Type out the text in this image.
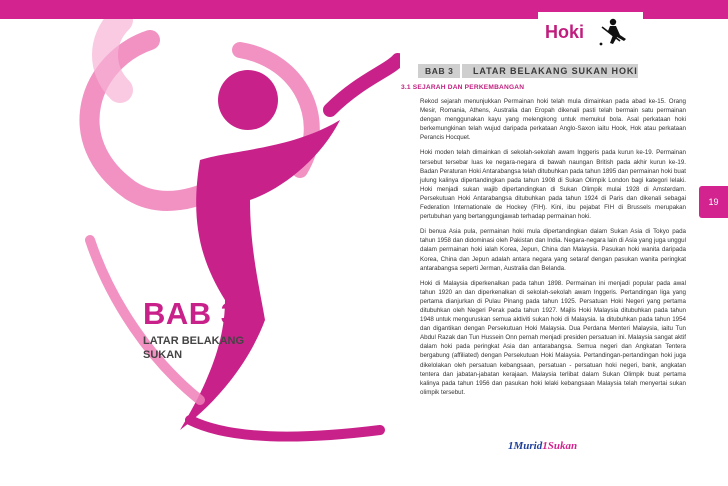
Hoki
BAB 3	LATAR BELAKANG SUKAN HOKI
3.1 SEJARAH DAN PERKEMBANGAN

Rekod sejarah menunjukkan Permainan hoki telah mula dimainkan pada abad ke-15. Orang Mesir, Romania, Athens, Australia dan Eropah dikenali pasti telah bermain satu permainan dengan menggunakan kayu yang melengkong untuk memukul bola. Asal perkataan hoki berkemungkinan telah wujud daripada perkataan Anglo-Saxon iaitu Hook, Hok atau perkataan Perancis Hocquet.

Hoki moden telah dimainkan di sekolah-sekolah awam Inggeris pada kurun ke-19. Permainan tersebut tersebar luas ke negara-negara di bawah naungan British pada akhir kurun ke-19. Badan Peraturan Hoki Antarabangsa telah ditubuhkan pada tahun 1895 dan permainan hoki buat julung kalinya dipertandingkan pada tahun 1908 di Sukan Olimpik London bagi kategori lelaki. Hoki menjadi sukan wajib dipertandingkan di Sukan Olimpik mulai 1928 di Amsterdam. Persekutuan Hoki Antarabangsa ditubuhkan pada tahun 1924 di Paris dan dikenali sebagai Federation Internationale de Hockey (FIH). Kini, ibu pejabat FIH di Brussels merupakan pertubuhan yang bertanggungjawab terhadap permainan hoki.

Di benua Asia pula, permainan hoki mula dipertandingkan dalam Sukan Asia di Tokyo pada tahun 1958 dan didominasi oleh Pakistan dan India. Negara-negara lain di Asia yang juga unggul dalam permainan hoki ialah Korea, Jepun, China dan Malaysia. Pasukan hoki wanita daripada Korea, China dan Jepun adalah antara negara yang setaraf dengan pasukan wanita peringkat antarabangsa seperti Jerman, Australia dan Belanda.

Hoki di Malaysia diperkenalkan pada tahun 1898. Permainan ini menjadi popular pada awal tahun 1920 an dan diperkenalkan di sekolah-sekolah awam Inggeris. Pertandingan liga yang pertama dianjurkan di Pulau Pinang pada tahun 1925. Persatuan Hoki Negeri yang pertama ditubuhkan oleh Negeri Perak pada tahun 1927. Majlis Hoki Malaysia ditubuhkan pada tahun 1948 untuk menguruskan semua aktiviti sukan hoki di Malaysia. Ia ditubuhkan pada tahun 1954 dan digantikan dengan Persekutuan Hoki Malaysia. Dua Perdana Menteri Malaysia, iaitu Tun Abdul Razak dan Tun Hussein Onn pernah menjadi presiden persatuan ini. Malaysia sangat aktif dalam hoki pada peringkat Asia dan antarabangsa. Semua negeri dan Angkatan Tentera bergabung (affiliated) dengan Persekutuan Hoki Malaysia. Pertandingan-pertandingan hoki juga dikelolakan oleh persatuan kebangsaan, persatuan - persatuan hoki negeri, bank, angkatan tentera dan jabatan-jabatan kerajaan. Malaysia terlibat dalam Sukan Olimpik buat pertama kalinya pada tahun 1956 dan pasukan hoki lelaki kebangsaan Malaysia telah menyertai sukan olimpik tersebut.

BAB 3
LATAR BELAKANG SUKAN
19
1Murid1Sukan
